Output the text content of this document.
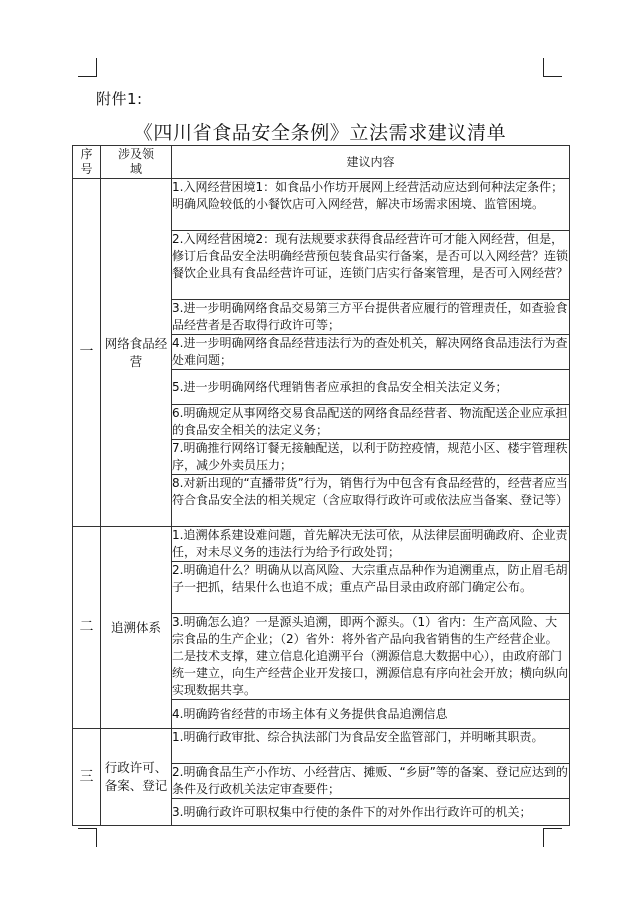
附件1:
《四川省食品安全条例》立法需求建议清单
序号	涉及领域	建议内容
一	网络食品经营	1.入网经营困境1：如食品小作坊开展网上经营活动应达到何种法定条件；明确风险较低的小餐饮店可入网经营，解决市场需求困境、监管困境。
		2.入网经营困境2：现有法规要求获得食品经营许可才能入网经营，但是，修订后食品安全法明确经营预包装食品实行备案，是否可以入网经营？连锁餐饮企业具有食品经营许可证，连锁门店实行备案管理，是否可入网经营？
		3.进一步明确网络食品交易第三方平台提供者应履行的管理责任，如查验食品经营者是否取得行政许可等；
		4.进一步明确网络食品经营违法行为的查处机关，解决网络食品违法行为查处难问题；
		5.进一步明确网络代理销售者应承担的食品安全相关法定义务；
		6.明确规定从事网络交易食品配送的网络食品经营者、物流配送企业应承担的食品安全相关的法定义务；
		7.明确推行网络订餐无接触配送，以利于防控疫情，规范小区、楼宇管理秩序，减少外卖员压力；
		8.对新出现的“直播带货”行为，销售行为中包含有食品经营的，经营者应当符合食品安全法的相关规定（含应取得行政许可或依法应当备案、登记等）
二	追溯体系	1.追溯体系建设难问题，首先解决无法可依，从法律层面明确政府、企业责任，对未尽义务的违法行为给予行政处罚；
		2.明确追什么？明确从以高风险、大宗重点品种作为追溯重点，防止眉毛胡子一把抓，结果什么也追不成；重点产品目录由政府部门确定公布。
		3.明确怎么追？一是源头追溯，即两个源头。（1）省内：生产高风险、大宗食品的生产企业；（2）省外：将外省产品向我省销售的生产经营企业。二是技术支撑，建立信息化追溯平台（溯源信息大数据中心），由政府部门统一建立，向生产经营企业开发接口，溯源信息有序向社会开放；横向纵向实现数据共享。
		4.明确跨省经营的市场主体有义务提供食品追溯信息
三	行政许可、备案、登记	1.明确行政审批、综合执法部门为食品安全监管部门，并明晰其职责。
		2.明确食品生产小作坊、小经营店、摊贩、“乡厨”等的备案、登记应达到的条件及行政机关法定审查要件；
		3.明确行政许可职权集中行使的条件下的对外作出行政许可的机关；
